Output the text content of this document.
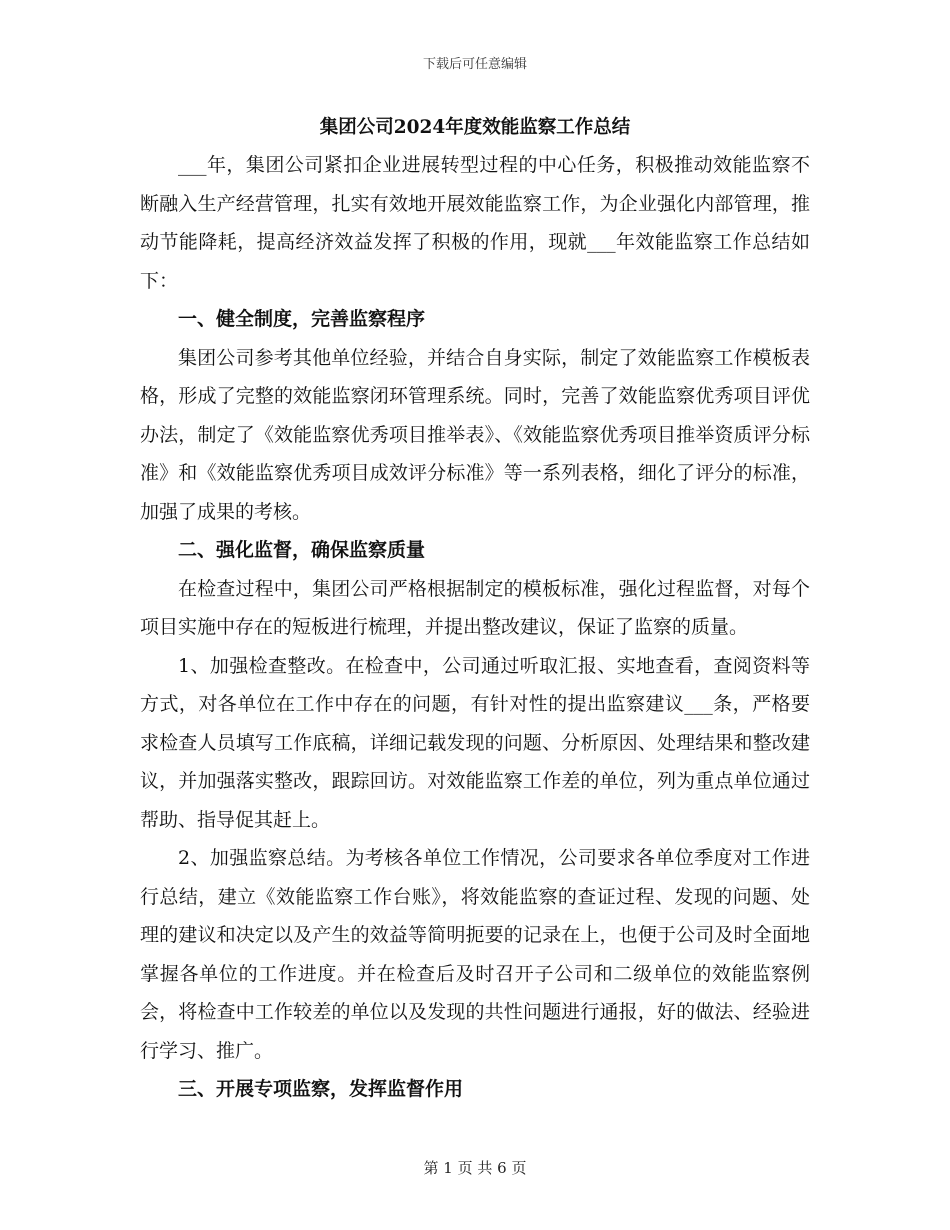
下载后可任意编辑
集团公司2024年度效能监察工作总结

___年，集团公司紧扣企业进展转型过程的中心任务，积极推动效能监察不断融入生产经营管理，扎实有效地开展效能监察工作，为企业强化内部管理，推动节能降耗，提高经济效益发挥了积极的作用，现就___年效能监察工作总结如下：

一、健全制度，完善监察程序

集团公司参考其他单位经验，并结合自身实际，制定了效能监察工作模板表格，形成了完整的效能监察闭环管理系统。同时，完善了效能监察优秀项目评优办法，制定了《效能监察优秀项目推举表》、《效能监察优秀项目推举资质评分标准》和《效能监察优秀项目成效评分标准》等一系列表格，细化了评分的标准，加强了成果的考核。

二、强化监督，确保监察质量

在检查过程中，集团公司严格根据制定的模板标准，强化过程监督，对每个项目实施中存在的短板进行梳理，并提出整改建议，保证了监察的质量。

1、加强检查整改。在检查中，公司通过听取汇报、实地查看，查阅资料等方式，对各单位在工作中存在的问题，有针对性的提出监察建议___条，严格要求检查人员填写工作底稿，详细记载发现的问题、分析原因、处理结果和整改建议，并加强落实整改，跟踪回访。对效能监察工作差的单位，列为重点单位通过帮助、指导促其赶上。

2、加强监察总结。为考核各单位工作情况，公司要求各单位季度对工作进行总结，建立《效能监察工作台账》，将效能监察的查证过程、发现的问题、处理的建议和决定以及产生的效益等简明扼要的记录在上，也便于公司及时全面地掌握各单位的工作进度。并在检查后及时召开子公司和二级单位的效能监察例会，将检查中工作较差的单位以及发现的共性问题进行通报，好的做法、经验进行学习、推广。

三、开展专项监察，发挥监督作用

第 1 页 共 6 页
